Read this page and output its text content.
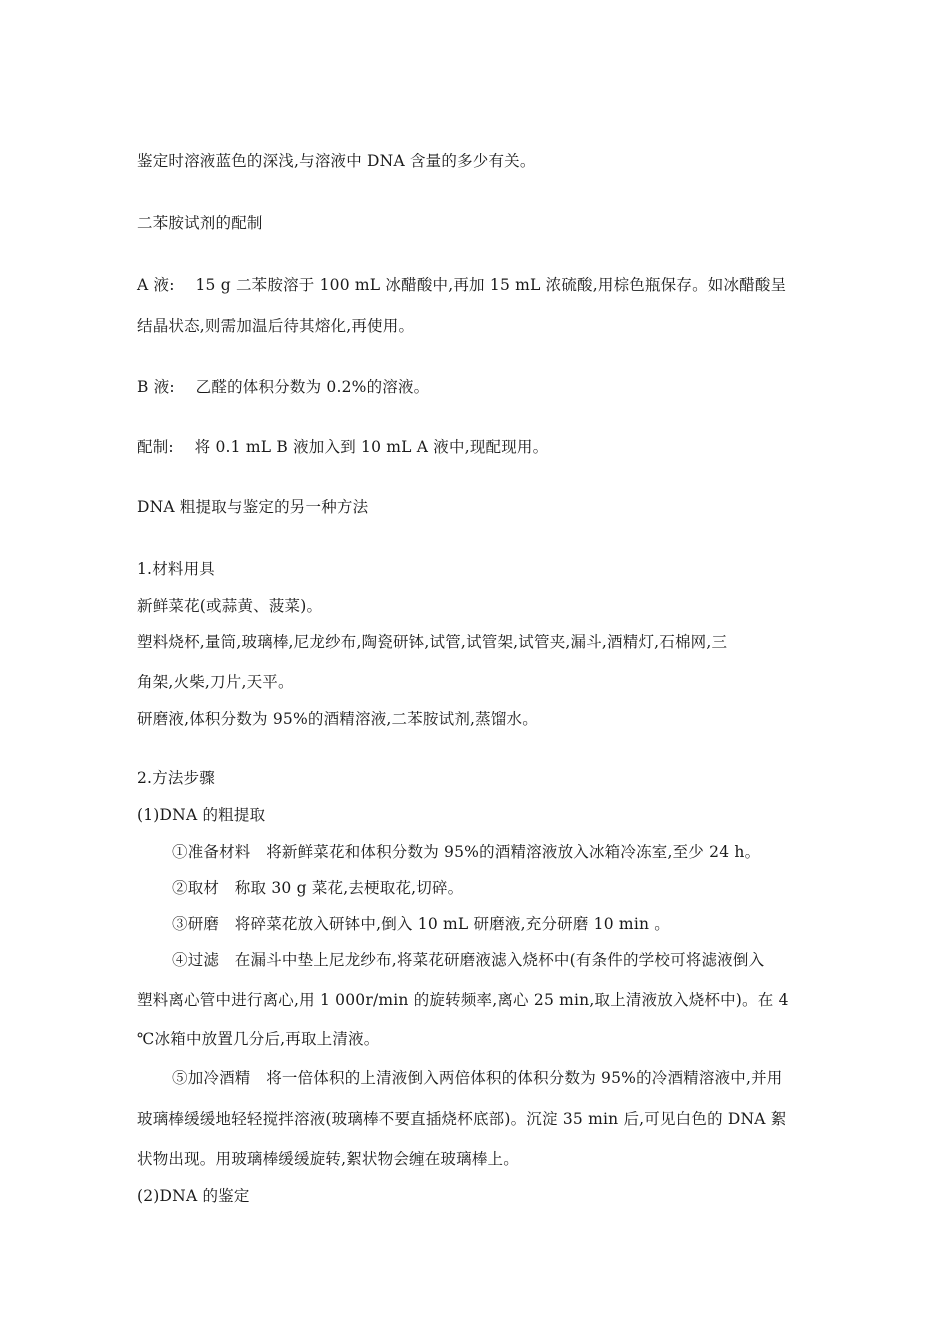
鉴定时溶液蓝色的深浅,与溶液中 DNA 含量的多少有关。
二苯胺试剂的配制
A 液:　 15 g 二苯胺溶于 100 mL 冰醋酸中,再加 15 mL 浓硫酸,用棕色瓶保存。如冰醋酸呈
结晶状态,则需加温后待其熔化,再使用。
B 液:　 乙醛的体积分数为 0.2%的溶液。
配制:　 将 0.1 mL B 液加入到 10 mL A 液中,现配现用。
DNA 粗提取与鉴定的另一种方法
1.材料用具
新鲜菜花(或蒜黄、菠菜)。
塑料烧杯,量筒,玻璃棒,尼龙纱布,陶瓷研钵,试管,试管架,试管夹,漏斗,酒精灯,石棉网,三
角架,火柴,刀片,天平。
研磨液,体积分数为 95%的酒精溶液,二苯胺试剂,蒸馏水。
2.方法步骤
(1)DNA 的粗提取
①准备材料　将新鲜菜花和体积分数为 95%的酒精溶液放入冰箱冷冻室,至少 24 h。
②取材　称取 30 g 菜花,去梗取花,切碎。
③研磨　将碎菜花放入研钵中,倒入 10 mL 研磨液,充分研磨 10 min 。
④过滤　在漏斗中垫上尼龙纱布,将菜花研磨液滤入烧杯中(有条件的学校可将滤液倒入
塑料离心管中进行离心,用 1 000r/min 的旋转频率,离心 25 min,取上清液放入烧杯中)。在 4
℃冰箱中放置几分后,再取上清液。
⑤加冷酒精　将一倍体积的上清液倒入两倍体积的体积分数为 95%的冷酒精溶液中,并用
玻璃棒缓缓地轻轻搅拌溶液(玻璃棒不要直插烧杯底部)。沉淀 35 min 后,可见白色的 DNA 絮
状物出现。用玻璃棒缓缓旋转,絮状物会缠在玻璃棒上。
(2)DNA 的鉴定
